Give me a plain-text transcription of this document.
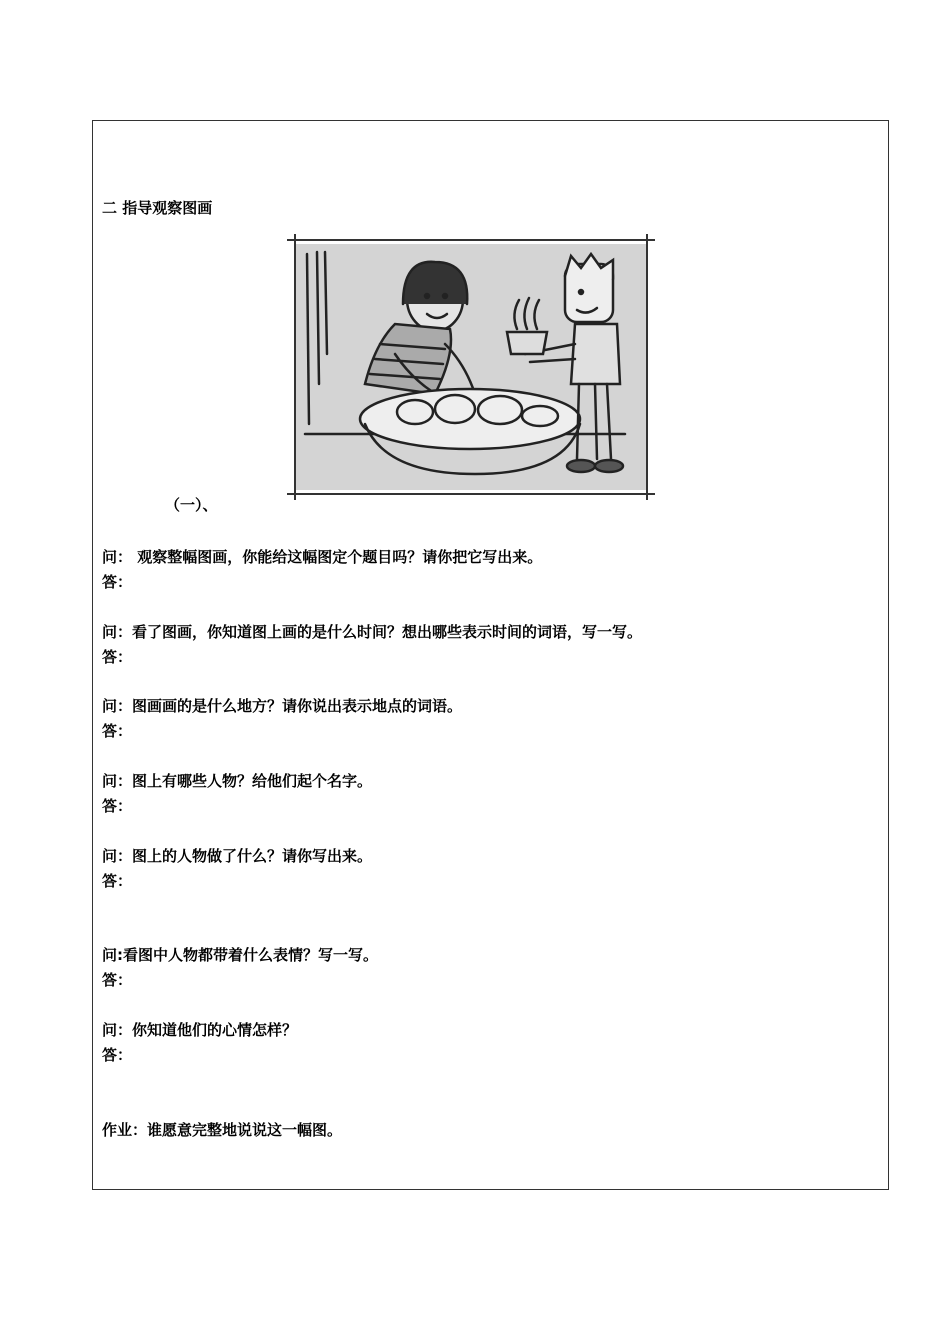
二 指导观察图画
（一）、
问： 观察整幅图画，你能给这幅图定个题目吗？请你把它写出来。
答：
问：看了图画，你知道图上画的是什么时间？想出哪些表示时间的词语，写一写。
答：
问：图画画的是什么地方？请你说出表示地点的词语。
答：
问：图上有哪些人物？给他们起个名字。
答：
问：图上的人物做了什么？请你写出来。
答：
问:看图中人物都带着什么表情？写一写。
答：
问：你知道他们的心情怎样？
答：
作业：谁愿意完整地说说这一幅图。
